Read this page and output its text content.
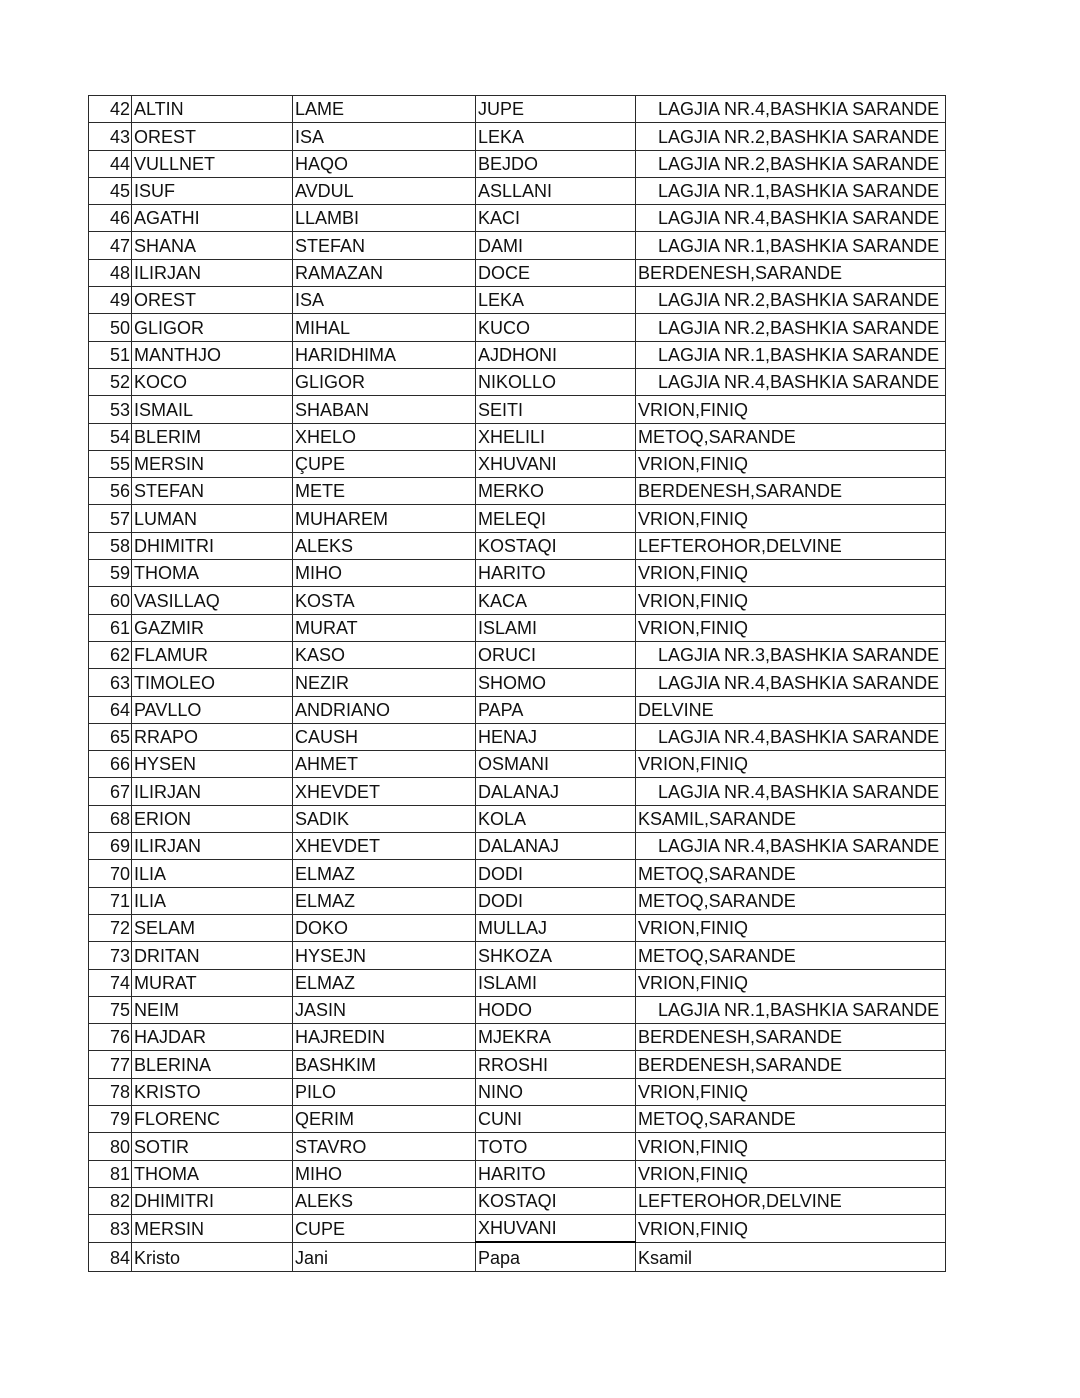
42	ALTIN	LAME	JUPE	LAGJIA NR.4,BASHKIA SARANDE
43	OREST	ISA	LEKA	LAGJIA NR.2,BASHKIA SARANDE
44	VULLNET	HAQO	BEJDO	LAGJIA NR.2,BASHKIA SARANDE
45	ISUF	AVDUL	ASLLANI	LAGJIA NR.1,BASHKIA SARANDE
46	AGATHI	LLAMBI	KACI	LAGJIA NR.4,BASHKIA SARANDE
47	SHANA	STEFAN	DAMI	LAGJIA NR.1,BASHKIA SARANDE
48	ILIRJAN	RAMAZAN	DOCE	BERDENESH,SARANDE
49	OREST	ISA	LEKA	LAGJIA NR.2,BASHKIA SARANDE
50	GLIGOR	MIHAL	KUCO	LAGJIA NR.2,BASHKIA SARANDE
51	MANTHJO	HARIDHIMA	AJDHONI	LAGJIA NR.1,BASHKIA SARANDE
52	KOCO	GLIGOR	NIKOLLO	LAGJIA NR.4,BASHKIA SARANDE
53	ISMAIL	SHABAN	SEITI	VRION,FINIQ
54	BLERIM	XHELO	XHELILI	METOQ,SARANDE
55	MERSIN	ÇUPE	XHUVANI	VRION,FINIQ
56	STEFAN	METE	MERKO	BERDENESH,SARANDE
57	LUMAN	MUHAREM	MELEQI	VRION,FINIQ
58	DHIMITRI	ALEKS	KOSTAQI	LEFTEROHOR,DELVINE
59	THOMA	MIHO	HARITO	VRION,FINIQ
60	VASILLAQ	KOSTA	KACA	VRION,FINIQ
61	GAZMIR	MURAT	ISLAMI	VRION,FINIQ
62	FLAMUR	KASO	ORUCI	LAGJIA NR.3,BASHKIA SARANDE
63	TIMOLEO	NEZIR	SHOMO	LAGJIA NR.4,BASHKIA SARANDE
64	PAVLLO	ANDRIANO	PAPA	DELVINE
65	RRAPO	CAUSH	HENAJ	LAGJIA NR.4,BASHKIA SARANDE
66	HYSEN	AHMET	OSMANI	VRION,FINIQ
67	ILIRJAN	XHEVDET	DALANAJ	LAGJIA NR.4,BASHKIA SARANDE
68	ERION	SADIK	KOLA	KSAMIL,SARANDE
69	ILIRJAN	XHEVDET	DALANAJ	LAGJIA NR.4,BASHKIA SARANDE
70	ILIA	ELMAZ	DODI	METOQ,SARANDE
71	ILIA	ELMAZ	DODI	METOQ,SARANDE
72	SELAM	DOKO	MULLAJ	VRION,FINIQ
73	DRITAN	HYSEJN	SHKOZA	METOQ,SARANDE
74	MURAT	ELMAZ	ISLAMI	VRION,FINIQ
75	NEIM	JASIN	HODO	LAGJIA NR.1,BASHKIA SARANDE
76	HAJDAR	HAJREDIN	MJEKRA	BERDENESH,SARANDE
77	BLERINA	BASHKIM	RROSHI	BERDENESH,SARANDE
78	KRISTO	PILO	NINO	VRION,FINIQ
79	FLORENC	QERIM	CUNI	METOQ,SARANDE
80	SOTIR	STAVRO	TOTO	VRION,FINIQ
81	THOMA	MIHO	HARITO	VRION,FINIQ
82	DHIMITRI	ALEKS	KOSTAQI	LEFTEROHOR,DELVINE
83	MERSIN	CUPE	XHUVANI	VRION,FINIQ
84	Kristo	Jani	Papa	Ksamil
